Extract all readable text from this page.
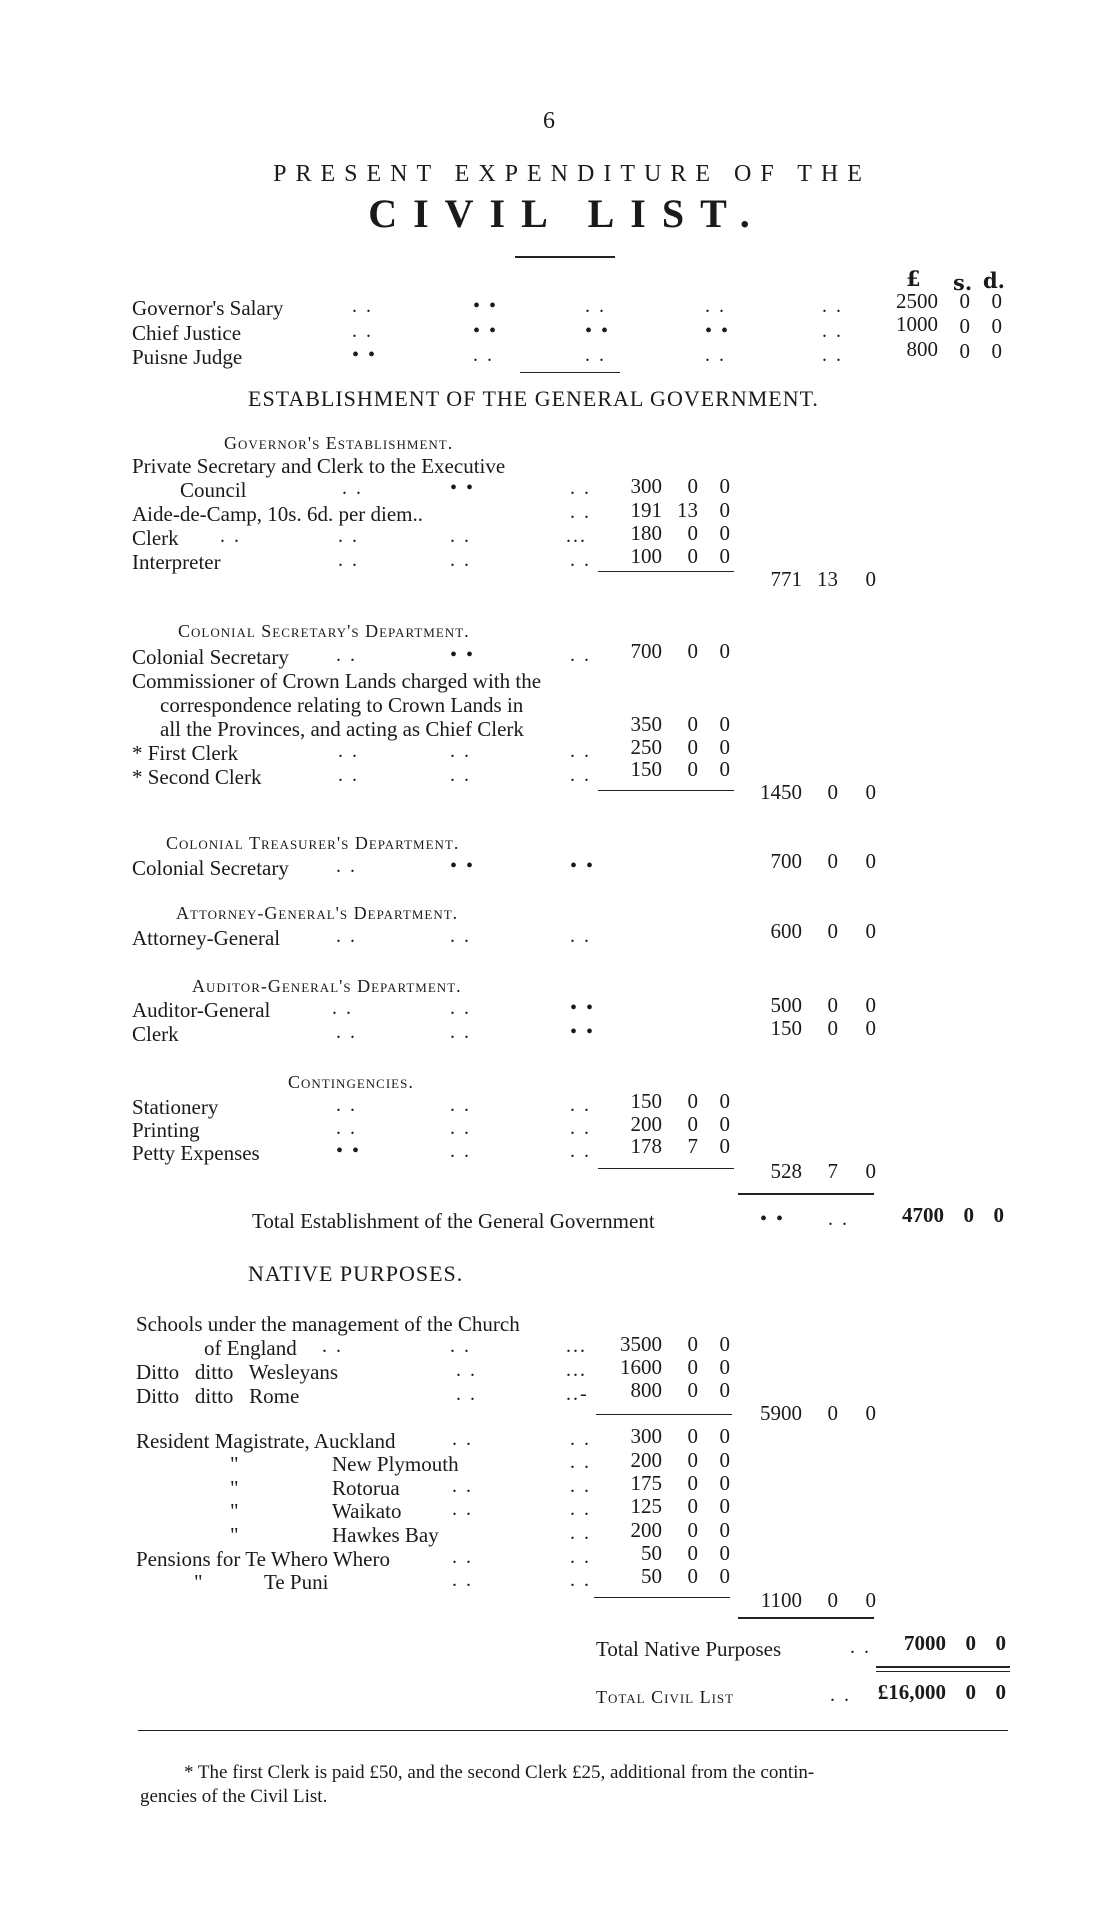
6
PRESENT EXPENDITURE OF THE
CIVIL LIST.
£ s. d.
Governor's Salary	. .	• •	. .	. .	. .	2500	0	0
Chief Justice	. .	• •	• •	• •	. .	1000	0	0
Puisne Judge	• •	. .	. .	. .	. .	800	0	0
ESTABLISHMENT OF THE GENERAL GOVERNMENT.
Governor's Establishment.
Private Secretary and Clerk to the Executive
Council	. .	• •	. .	300	0	0
Aide-de-Camp, 10s. 6d. per diem..	. .	191 13	0
Clerk . .	. .	. .	...	180	0	0
Interpreter	. .	. .	. .	100	0	0
771 13	0
Colonial Secretary's Department.
Colonial Secretary . .	• •	. .	700	0	0
Commissioner of Crown Lands charged with the
correspondence relating to Crown Lands in
all the Provinces, and acting as Chief Clerk	350	0	0
* First Clerk	. .	. .	. .	250	0	0
* Second Clerk	. .	. .	. .	150	0	0
1450	0	0
Colonial Treasurer's Department.
Colonial Secretary . .	• •	• •	700	0	0
Attorney-General's Department.
Attorney-General	. .	. .	. .	600	0	0
Auditor-General's Department.
Auditor-General	. .	. .	• •	500	0	0
Clerk	. .	. .	• •	150	0	0
Contingencies.
Stationery	. .	. .	. .	150	0	0
Printing	. .	. .	. .	200	0	0
Petty Expenses	• •	. .	. .	178	7	0
528	7	0
Total Establishment of the General Government	• • . .	4700 0 0
NATIVE PURPOSES.
Schools under the management of the Church
of England . .	. .	...	3500	0	0
Ditto   ditto   Wesleyans	. .	...	1600	0	0
Ditto   ditto   Rome	. .	..-	800	0	0
5900	0	0
Resident Magistrate, Auckland	. .	. .	300	0	0
"	New Plymouth	. .	200	0	0
"	Rotorua	. .	. .	175	0	0
"	Waikato	. .	. .	125	0	0
"	Hawkes Bay	. .	200	0	0
Pensions for Te Whero Whero	. .	. .	50	0	0
"	Te Puni	. .	. .	50	0	0
1100	0	0
Total Native Purposes	. .	7000 0 0
Total Civil List	. .	£16,000 0 0
* The first Clerk is paid £50, and the second Clerk £25, additional from the contin-
gencies of the Civil List.
